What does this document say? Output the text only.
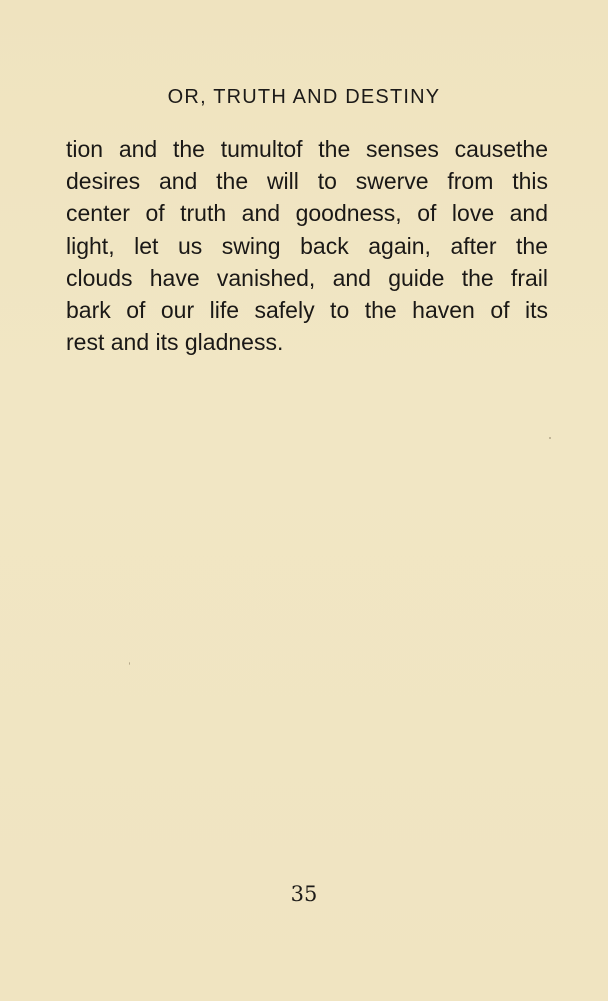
OR, TRUTH AND DESTINY

tion and the tumultof the senses causethe
desires and the will to swerve from this
center of truth and goodness, of love and
light, let us swing back again, after the
clouds have vanished, and guide the frail
bark of our life safely to the haven of its
rest and its gladness.

35
